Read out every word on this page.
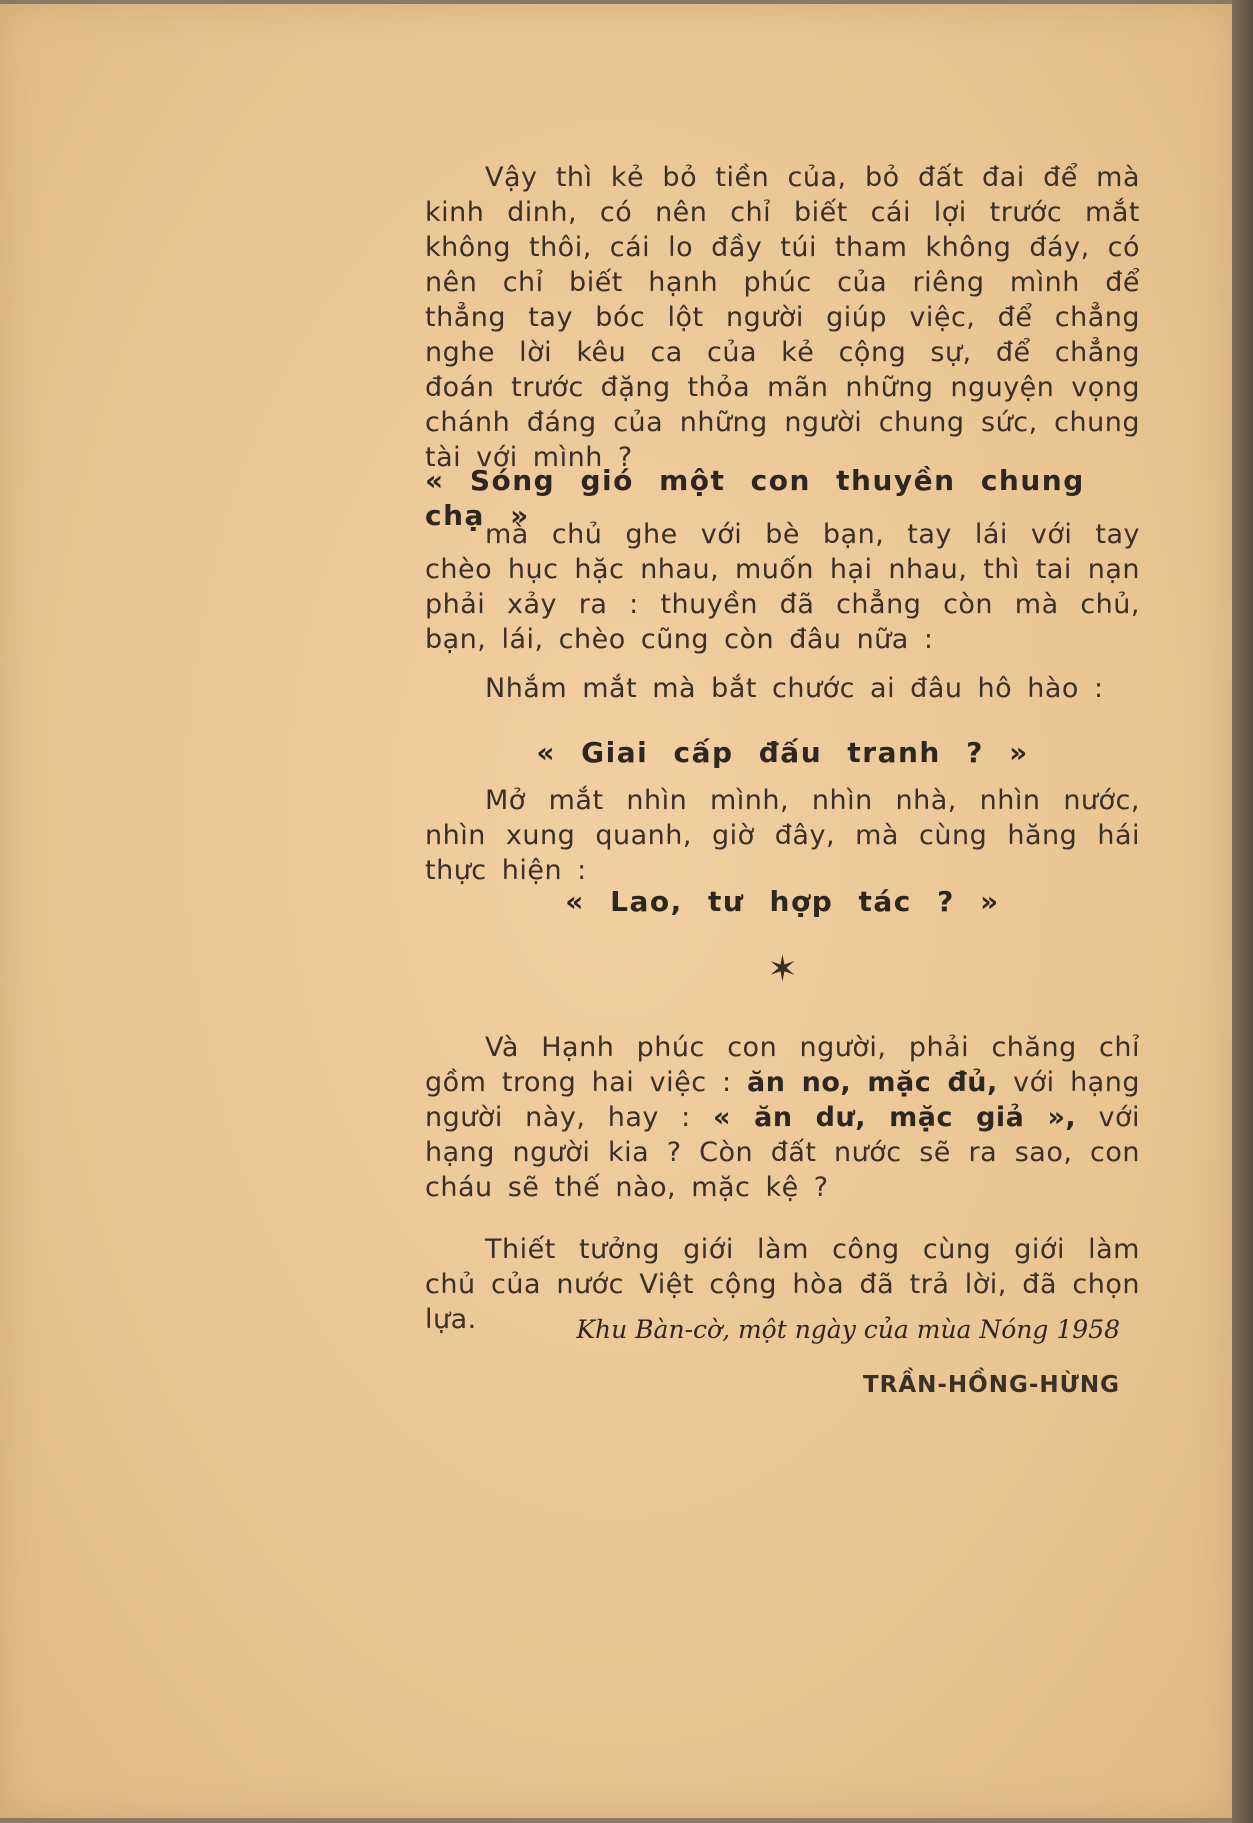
Vậy thì kẻ bỏ tiền của, bỏ đất đai để mà kinh dinh, có nên chỉ biết cái lợi trước mắt không thôi, cái lo đầy túi tham không đáy, có nên chỉ biết hạnh phúc của riêng mình để thẳng tay bóc lột người giúp việc, để chẳng nghe lời kêu ca của kẻ cộng sự, để chẳng đoán trước đặng thỏa mãn những nguyện vọng chánh đáng của những người chung sức, chung tài với mình ?

« Sóng gió một con thuyền chung chạ »

mà chủ ghe với bè bạn, tay lái với tay chèo hục hặc nhau, muốn hại nhau, thì tai nạn phải xảy ra : thuyền đã chẳng còn mà chủ, bạn, lái, chèo cũng còn đâu nữa :

Nhắm mắt mà bắt chước ai đâu hô hào :

« Giai cấp đấu tranh ? »

Mở mắt nhìn mình, nhìn nhà, nhìn nước, nhìn xung quanh, giờ đây, mà cùng hăng hái thực hiện :

« Lao, tư hợp tác ? »

✶

Và Hạnh phúc con người, phải chăng chỉ gồm trong hai việc : ăn no, mặc đủ, với hạng người này, hay : « ăn dư, mặc giả », với hạng người kia ? Còn đất nước sẽ ra sao, con cháu sẽ thế nào, mặc kệ ?

Thiết tưởng giới làm công cùng giới làm chủ của nước Việt cộng hòa đã trả lời, đã chọn lựa.	Khu Bàn-cờ, một ngày của mùa Nóng 1958

TRẦN-HỒNG-HỪNG
